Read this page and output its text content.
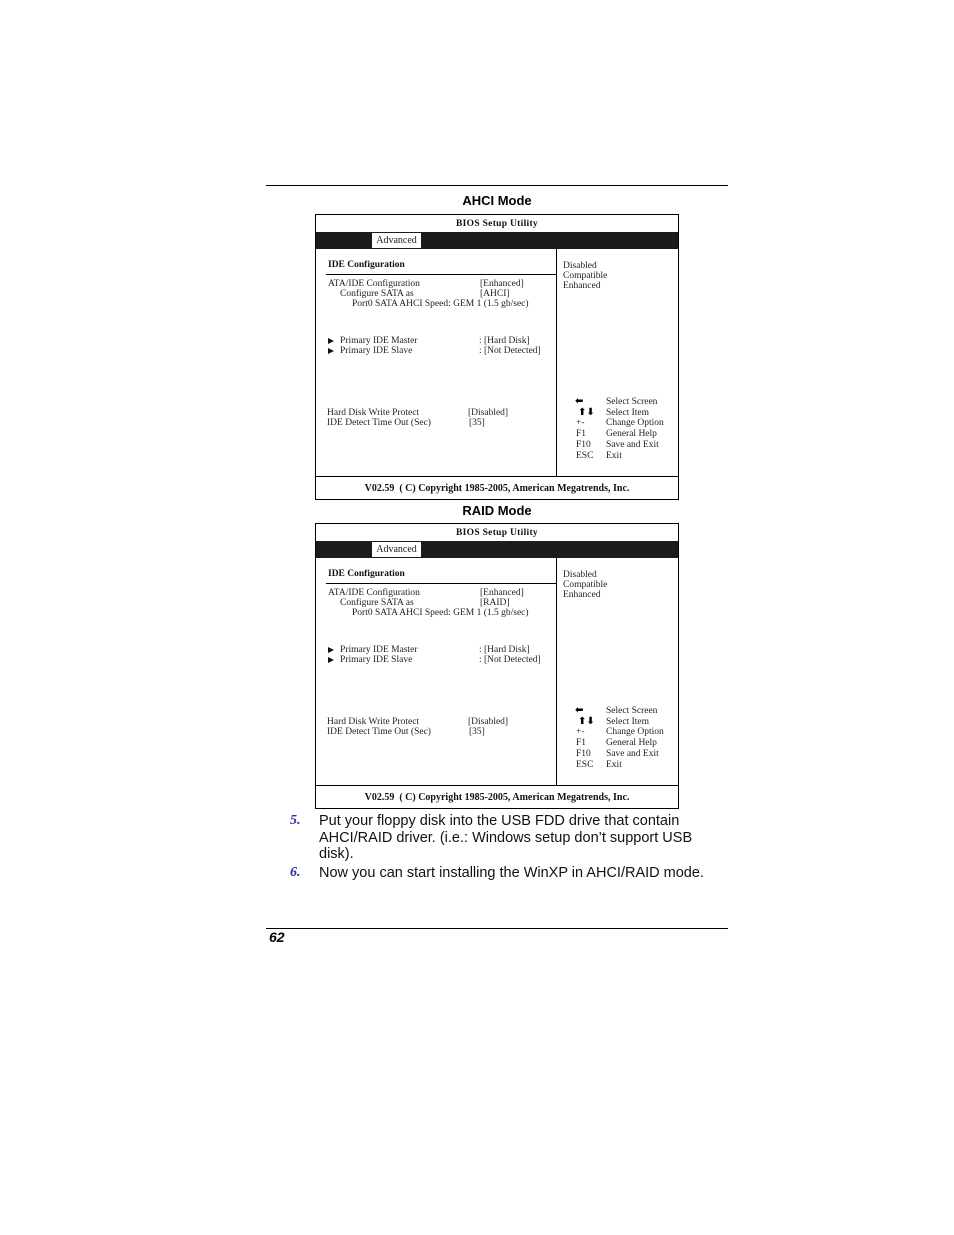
AHCI Mode
BIOS Setup Utility
Advanced
IDE Configuration
ATA/IDE Configuration	[Enhanced]
Configure SATA as	[AHCI]
Port0 SATA AHCI Speed: GEM 1 (1.5 gb/sec)
Primary IDE Master	: [Hard Disk]
Primary IDE Slave	: [Not Detected]
Hard Disk Write Protect	[Disabled]
IDE Detect Time Out (Sec)	[35]
Disabled
Compatible
Enhanced
⬅ Select Screen
⬆⬇ Select Item
+- Change Option
F1 General Help
F10 Save and Exit
ESC Exit
V02.59  ( C) Copyright 1985-2005, American Megatrends, Inc.
RAID Mode
BIOS Setup Utility
Advanced
IDE Configuration
ATA/IDE Configuration	[Enhanced]
Configure SATA as	[RAID]
Port0 SATA AHCI Speed: GEM 1 (1.5 gb/sec)
Primary IDE Master	: [Hard Disk]
Primary IDE Slave	: [Not Detected]
Hard Disk Write Protect	[Disabled]
IDE Detect Time Out (Sec)	[35]
Disabled
Compatible
Enhanced
⬅ Select Screen
⬆⬇ Select Item
+- Change Option
F1 General Help
F10 Save and Exit
ESC Exit
V02.59  ( C) Copyright 1985-2005, American Megatrends, Inc.
5. Put your floppy disk into the USB FDD drive that contain
AHCI/RAID driver. (i.e.: Windows setup don’t support USB
disk).
6. Now you can start installing the WinXP in AHCI/RAID mode.
62
